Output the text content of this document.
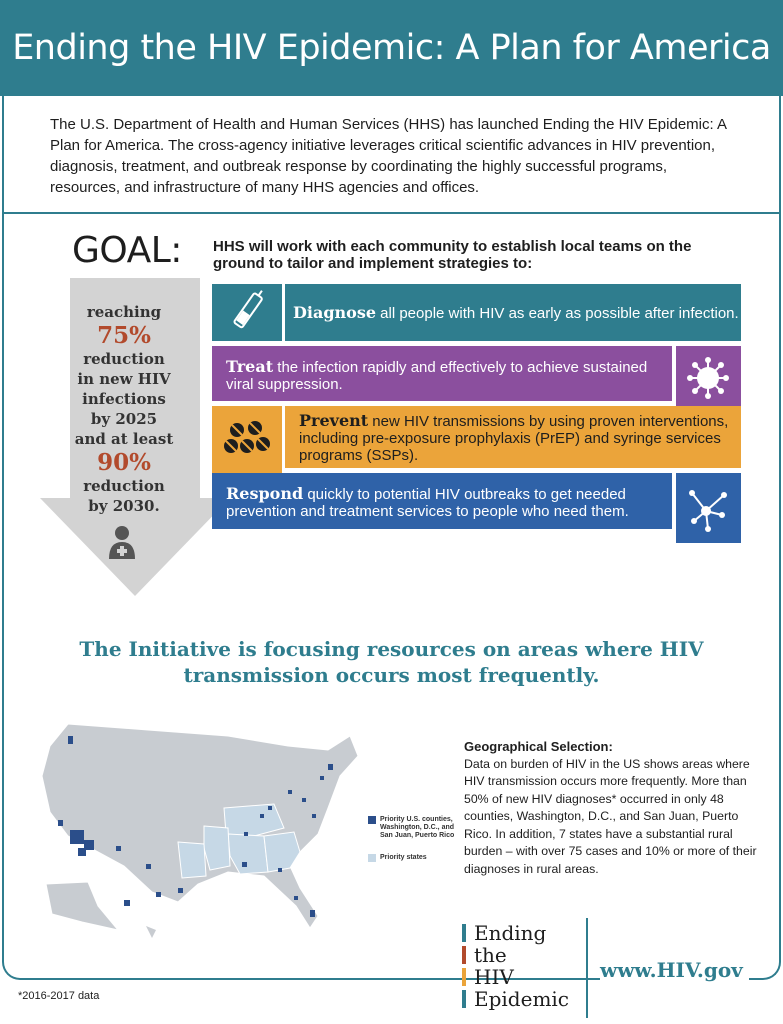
Ending the HIV Epidemic: A Plan for America

The U.S. Department of Health and Human Services (HHS) has launched Ending the HIV Epidemic: A Plan for America. The cross-agency initiative leverages critical scientific advances in HIV prevention, diagnosis, treatment, and outbreak response by coordinating the highly successful programs, resources, and infrastructure of many HHS agencies and offices.

GOAL:
reaching
75%
reduction
in new HIV
infections
by 2025
and at least
90%
reduction
by 2030.
HHS will work with each community to establish local teams on the ground to tailor and implement strategies to:
Diagnose all people with HIV as early as possible after infection.
Treat the infection rapidly and effectively to achieve sustained viral suppression.
Prevent new HIV transmissions by using proven interventions, including pre-exposure prophylaxis (PrEP) and syringe services programs (SSPs).
Respond quickly to potential HIV outbreaks to get needed prevention and treatment services to people who need them.
The Initiative is focusing resources on areas where HIV transmission occurs most frequently.
Priority U.S. counties, Washington, D.C., and San Juan, Puerto Rico
Priority states
Geographical Selection:
Data on burden of HIV in the US shows areas where HIV transmission occurs more frequently. More than 50% of new HIV diagnoses* occurred in only 48 counties, Washington, D.C., and San Juan, Puerto Rico. In addition, 7 states have a substantial rural burden – with over 75 cases and 10% or more of their diagnoses in rural areas.
Ending
the
HIV
Epidemic
www.HIV.gov
*2016-2017 data
